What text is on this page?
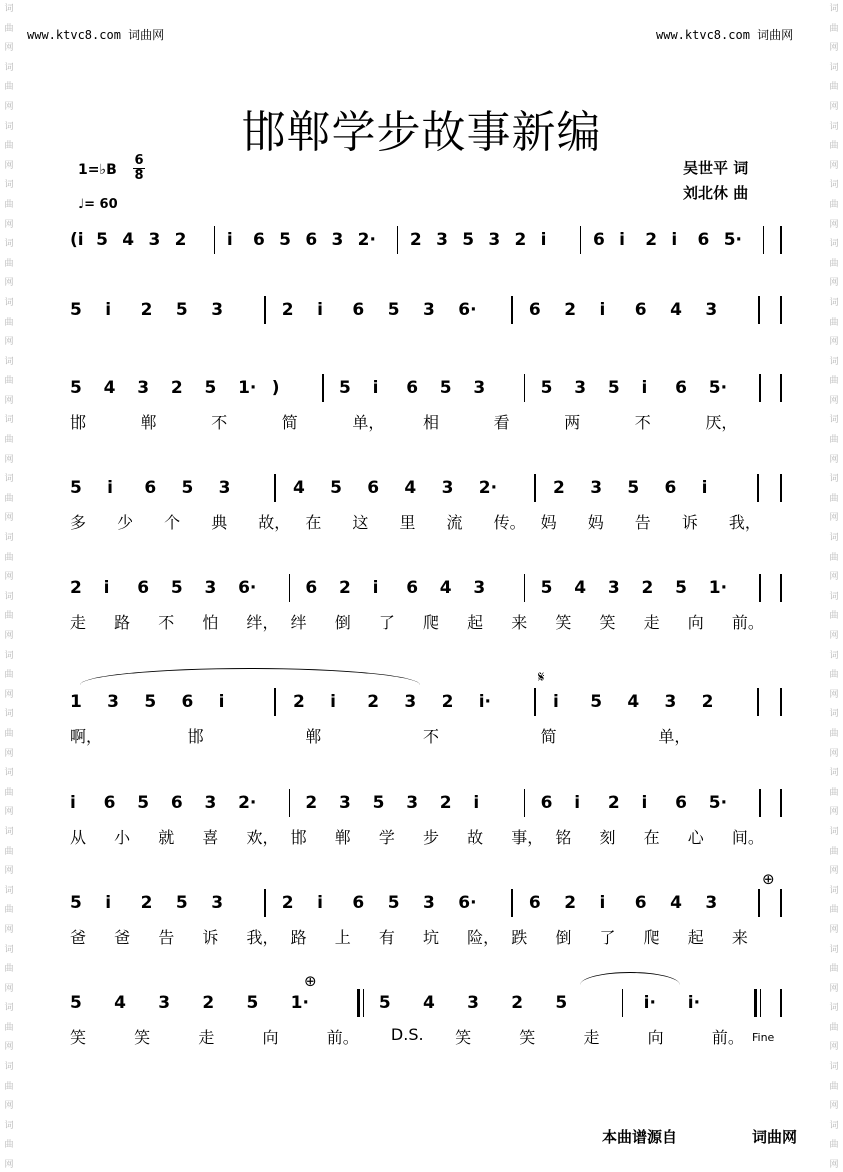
词曲网词曲网词曲网词曲网词曲网词曲网词曲网词曲网词曲网词曲网词曲网词曲网词曲网词曲网词曲网词曲网词曲网词曲网词曲网词曲网
词曲网词曲网词曲网词曲网词曲网词曲网词曲网词曲网词曲网词曲网词曲网词曲网词曲网词曲网词曲网词曲网词曲网词曲网词曲网词曲网
www.ktvc8.com 词曲网	www.ktvc8.com 词曲网
邯郸学步故事新编
吴世平 词
刘北休 曲
1=♭B
6
8
♩= 60
(i 5 4 3 2 i 6 5 6 3 2· 2 3 5 3 2 i	6 i 2 i 6 5·
5 i 2 5 3	2 i 6 5 3 6·	6 2 i 6 4 3
5 4 3 2 5 1· )	5 i 6 5 3	5 3 5 i 6 5·
邯	郸	不	简	单， 相	看	两	不	厌，
5 i 6 5 3	4 5 6 4 3 2·	2 3 5 6 i
多 少 个 典 故， 在 这 里 流 传。 妈 妈 告 诉 我，
2 i 6 5 3 6·	6 2 i 6 4 3	5 4 3 2 5 1·
走 路 不 怕 绊， 绊 倒 了 爬 起 来 笑 笑 走 向 前。
1 3 5 6 i	2 i 2 3 2 i·	i 5 4 3 2
啊，	邯	郸	不	简	单，
i 6 5 6 3 2·	2 3 5 3 2 i	6 i 2 i 6 5·
从 小 就 喜 欢， 邯 郸 学 步 故 事， 铭 刻 在 心 间。
5 i 2 5 3	2 i 6 5 3 6·	6 2 i 6 4 3
爸 爸 告 诉 我， 路 上 有 坑 险， 跌 倒 了 爬 起 来
5 4 3 2 5 1·	5 4 3 2 5	i· i·
笑	笑	走	向	前。 D.S. 笑	笑	走	向	前。
𝄋
⊕
⊕
Fine
本曲谱源自	词曲网
